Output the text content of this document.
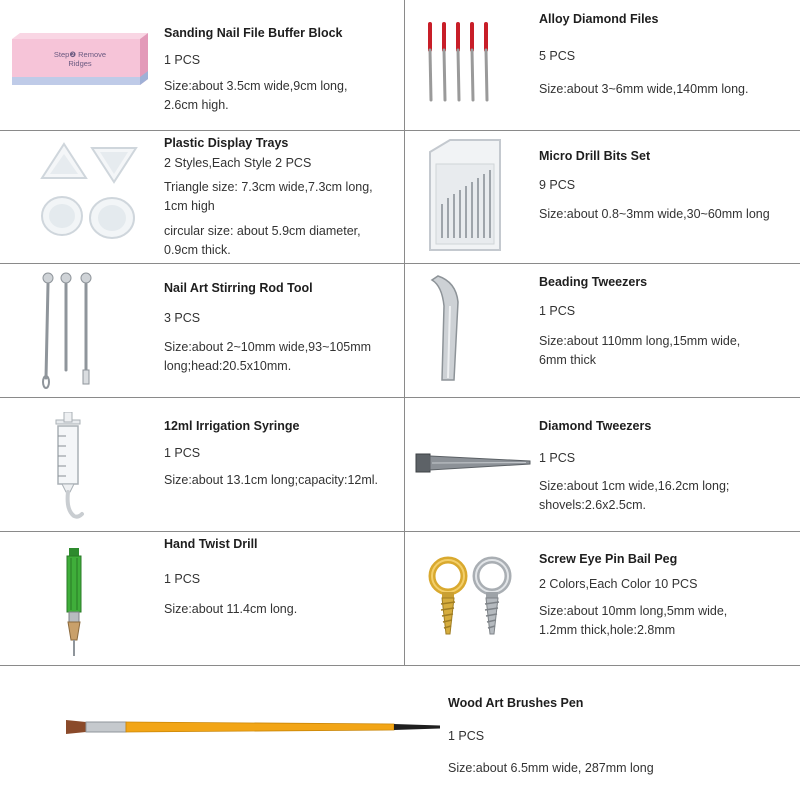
Step❷ Remove Ridges
Sanding Nail File Buffer Block
1 PCS
Size:about 3.5cm wide,9cm long,
2.6cm high.
Alloy Diamond Files
5 PCS
Size:about 3~6mm wide,140mm long.
Plastic Display Trays
2 Styles,Each Style 2 PCS
Triangle size: 7.3cm wide,7.3cm long,
1cm high
circular size: about 5.9cm diameter,
0.9cm thick.
Micro Drill Bits Set
9 PCS
Size:about 0.8~3mm wide,30~60mm long
Nail Art Stirring Rod Tool
3 PCS
Size:about 2~10mm wide,93~105mm
long;head:20.5x10mm.
Beading Tweezers
1 PCS
Size:about 110mm long,15mm wide,
6mm thick
12ml Irrigation Syringe
1 PCS
Size:about 13.1cm long;capacity:12ml.
Diamond Tweezers
1 PCS
Size:about 1cm wide,16.2cm long;
shovels:2.6x2.5cm.
Hand Twist Drill
1 PCS
Size:about 11.4cm long.
Screw Eye Pin Bail Peg
2 Colors,Each Color 10 PCS
Size:about 10mm long,5mm wide,
1.2mm thick,hole:2.8mm
Wood Art Brushes Pen
1 PCS
Size:about 6.5mm wide, 287mm long
